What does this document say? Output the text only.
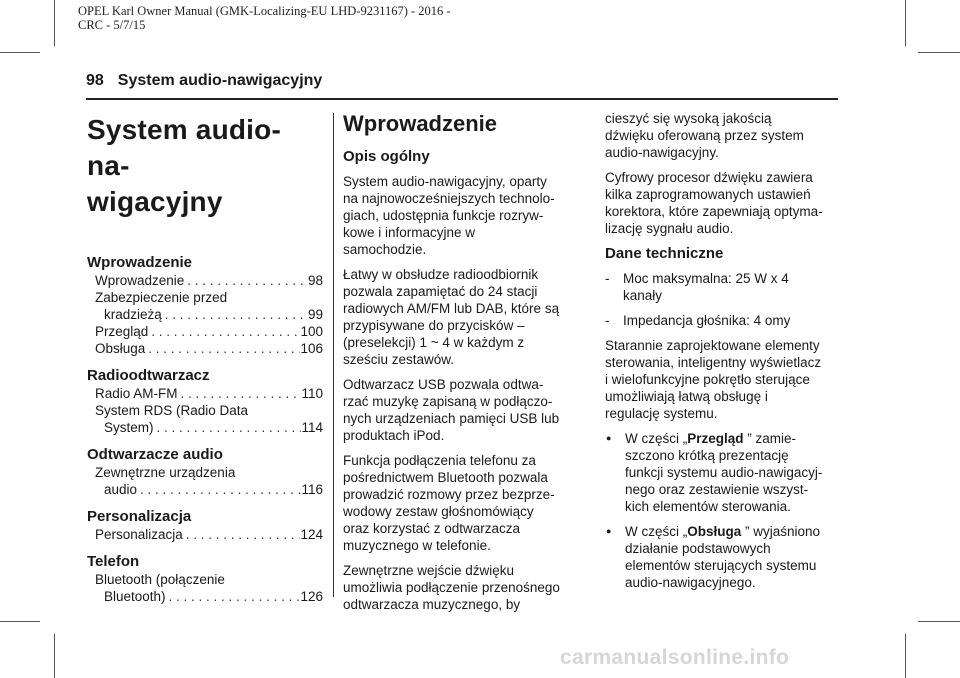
OPEL Karl Owner Manual (GMK-Localizing-EU LHD-9231167) - 2016 -
CRC - 5/7/15
98 System audio-nawigacyjny
System audio-na-
wigacyjny
Wprowadzenie
Wprowadzenie . . .	98
Zabezpieczenie przed
kradzieżą . . .	99
Przegląd . . .	100
Obsługa . . .	106
Radioodtwarzacz
Radio AM-FM . . .	110
System RDS (Radio Data
System) . . .	114
Odtwarzacze audio
Zewnętrzne urządzenia
audio . . .	116
Personalizacja
Personalizacja . . .	124
Telefon
Bluetooth (połączenie
Bluetooth) . . .	126
Wprowadzenie
Opis ogólny
System audio-nawigacyjny, oparty
na najnowocześniejszych technolo-
giach, udostępnia funkcje rozryw-
kowe i informacyjne w
samochodzie.
Łatwy w obsłudze radioodbiornik
pozwala zapamiętać do 24 stacji
radiowych AM/FM lub DAB, które są
przypisywane do przycisków –
(preselekcji) 1 ~ 4 w każdym z
sześciu zestawów.
Odtwarzacz USB pozwala odtwa-
rzać muzykę zapisaną w podłączo-
nych urządzeniach pamięci USB lub
produktach iPod.
Funkcja podłączenia telefonu za
pośrednictwem Bluetooth pozwala
prowadzić rozmowy przez bezprze-
wodowy zestaw głośnomówiący
oraz korzystać z odtwarzacza
muzycznego w telefonie.
Zewnętrzne wejście dźwięku
umożliwia podłączenie przenośnego
odtwarzacza muzycznego, by
cieszyć się wysoką jakością
dźwięku oferowaną przez system
audio-nawigacyjny.
Cyfrowy procesor dźwięku zawiera
kilka zaprogramowanych ustawień
korektora, które zapewniają optyma-
lizację sygnału audio.
Dane techniczne
- Moc maksymalna: 25 W x 4
kanały
- Impedancja głośnika: 4 omy
Starannie zaprojektowane elementy
sterowania, inteligentny wyświetlacz
i wielofunkcyjne pokrętło sterujące
umożliwiają łatwą obsługę i
regulację systemu.
● W części „Przegląd ” zamie-
szczono krótką prezentację
funkcji systemu audio-nawigacyj-
nego oraz zestawienie wszyst-
kich elementów sterowania.
● W części „Obsługa ” wyjaśniono
działanie podstawowych
elementów sterujących systemu
audio-nawigacyjnego.
carmanualsonline.info
